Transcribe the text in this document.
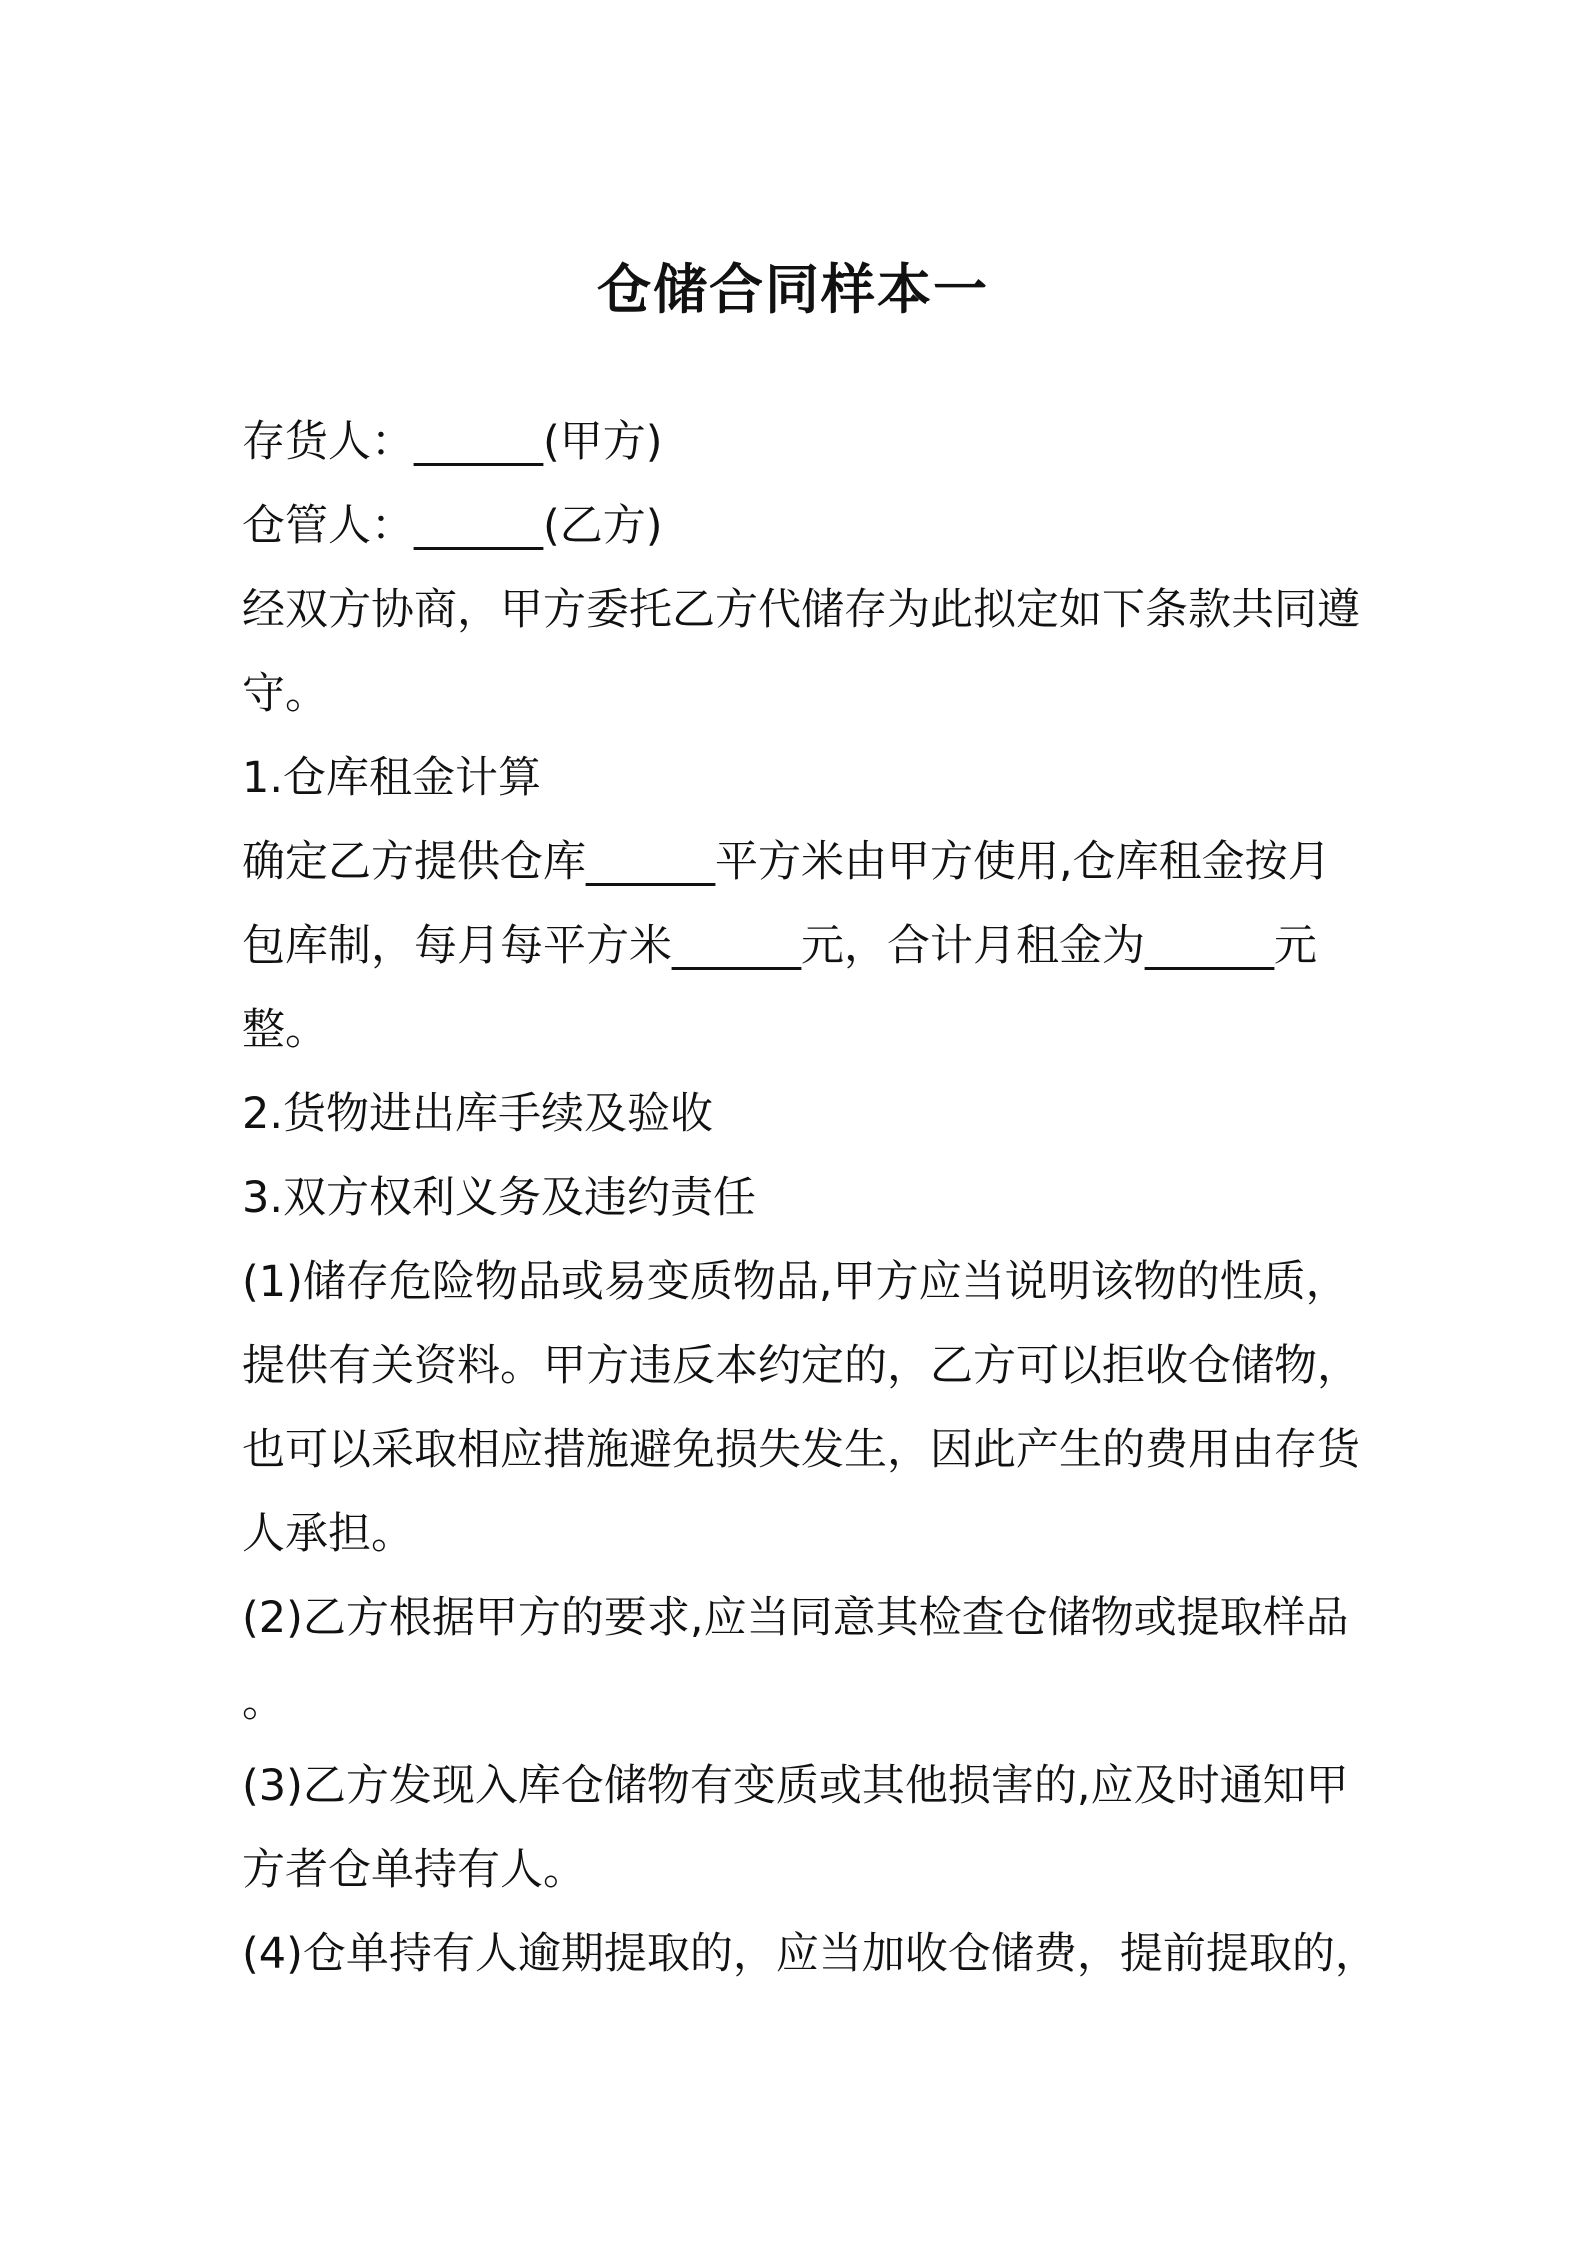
仓储合同样本一
存货人：______(甲方)
仓管人：______(乙方)
经双方协商，甲方委托乙方代储存为此拟定如下条款共同遵
守。
1.仓库租金计算
确定乙方提供仓库______平方米由甲方使用,仓库租金按月
包库制，每月每平方米______元，合计月租金为______元
整。
2.货物进出库手续及验收
3.双方权利义务及违约责任
(1)储存危险物品或易变质物品,甲方应当说明该物的性质，
提供有关资料。甲方违反本约定的，乙方可以拒收仓储物，
也可以采取相应措施避免损失发生，因此产生的费用由存货
人承担。
(2)乙方根据甲方的要求,应当同意其检查仓储物或提取样品
。
(3)乙方发现入库仓储物有变质或其他损害的,应及时通知甲
方者仓单持有人。
(4)仓单持有人逾期提取的，应当加收仓储费，提前提取的，
